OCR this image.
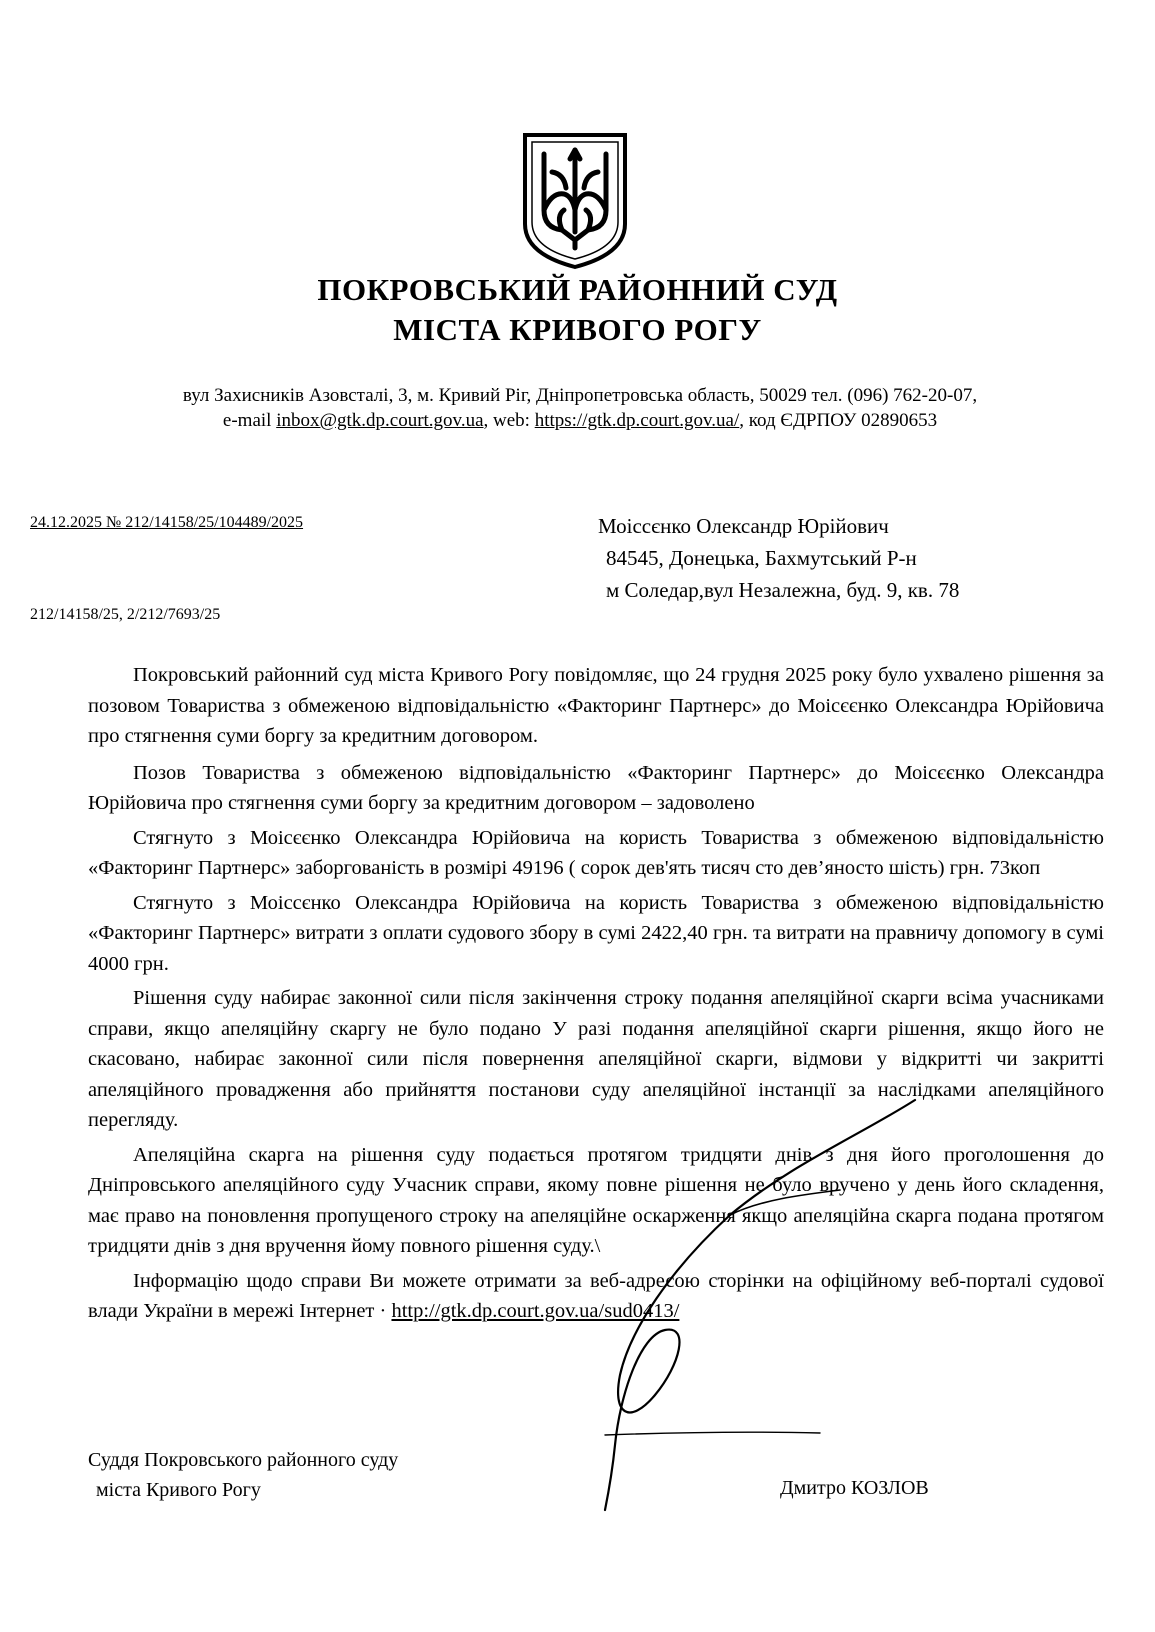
ПОКРОВСЬКИЙ РАЙОННИЙ СУД
МІСТА КРИВОГО РОГУ
вул Захисників Азовсталі, 3, м. Кривий Ріг, Дніпропетровська область, 50029 тел. (096) 762-20-07,
e-mail inbox@gtk.dp.court.gov.ua, web: https://gtk.dp.court.gov.ua/, код ЄДРПОУ 02890653
24.12.2025 № 212/14158/25/104489/2025
212/14158/25, 2/212/7693/25
Моіссєнко Олександр Юрійович
84545, Донецька, Бахмутський Р-н
м Соледар,вул Незалежна, буд. 9, кв. 78

Покровський районний суд міста Кривого Рогу повідомляє, що 24 грудня 2025 року було ухвалено рішення за позовом Товариства з обмеженою відповідальністю «Факторинг Партнерс» до Моісєєнко Олександра Юрійовича про стягнення суми боргу за кредитним договором.

Позов Товариства з обмеженою відповідальністю «Факторинг Партнерс» до Моісєєнко Олександра Юрійовича про стягнення суми боргу за кредитним договором – задоволено

Стягнуто з Моісєєнко Олександра Юрійовича на користь Товариства з обмеженою відповідальністю «Факторинг Партнерс» заборгованість в розмірі 49196 ( сорок дев'ять тисяч сто дев’яносто шість) грн. 73коп

Стягнуто з Моіссєнко Олександра Юрійовича на користь Товариства з обмеженою відповідальністю «Факторинг Партнерс» витрати з оплати судового збору в сумі 2422,40 грн. та витрати на правничу допомогу в сумі 4000 грн.

Рішення суду набирає законної сили після закінчення строку подання апеляційної скарги всіма учасниками справи, якщо апеляційну скаргу не було подано У разі подання апеляційної скарги рішення, якщо його не скасовано, набирає законної сили після повернення апеляційної скарги, відмови у відкритті чи закритті апеляційного провадження або прийняття постанови суду апеляційної інстанції за наслідками апеляційного перегляду.

Апеляційна скарга на рішення суду подається протягом тридцяти днів з дня його проголошення до Дніпровського апеляційного суду Учасник справи, якому повне рішення не було вручено у день його складення, має право на поновлення пропущеного строку на апеляційне оскарження якщо апеляційна скарга подана протягом тридцяти днів з дня вручення йому повного рішення суду.\

Інформацію щодо справи Ви можете отримати за веб-адресою сторінки на офіційному веб-порталі судової влади України в мережі Інтернет · http://gtk.dp.court.gov.ua/sud0413/

Суддя Покровського районного суду
міста Кривого Рогу	Дмитро КОЗЛОВ
